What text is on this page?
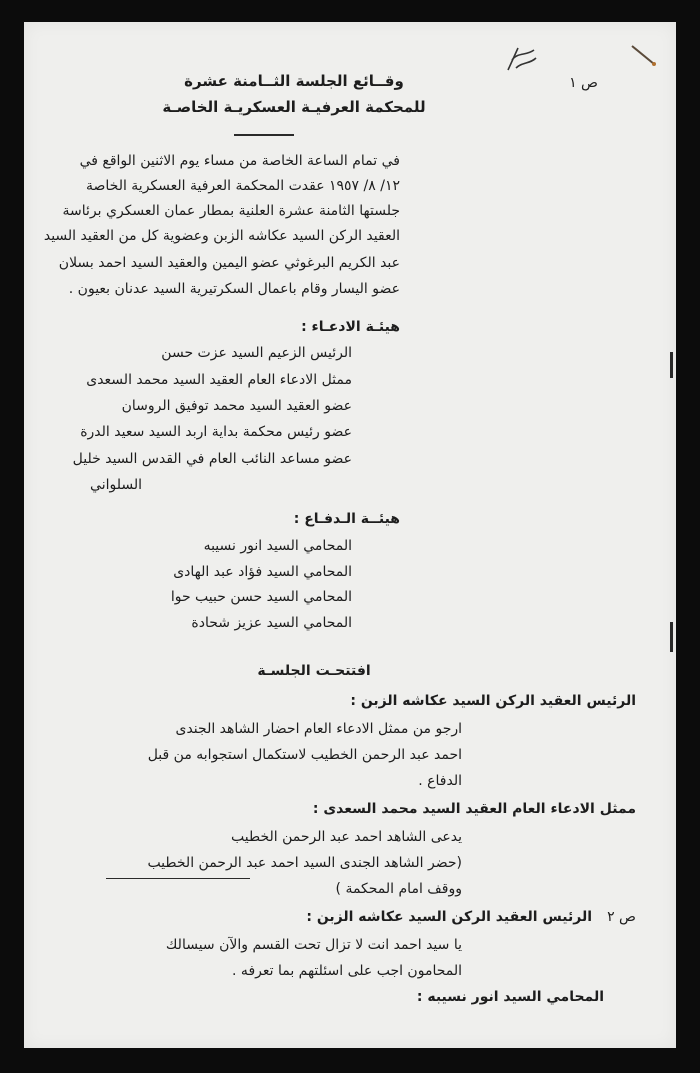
ص ١
وقــائع الجلسة الثــامنة عشرة
للمحكمة العرفيـة العسكريـة الخاصـة
في تمام الساعة الخاصة من مساء يوم الاثنين الواقع في
١٢/ ٨/ ١٩٥٧ عقدت المحكمة العرفية العسكرية الخاصة
جلستها الثامنة عشرة العلنية بمطار عمان العسكري برئاسة
العقيد الركن السيد عكاشه الزبن وعضوية كل من العقيد السيد
عبد الكريم البرغوثي عضو اليمين والعقيد السيد احمد بسلان
عضو اليسار وقام باعمال السكرتيرية السيد عدنان بعيون .
هيئـة الادعـاء :
الرئيس الزعيم السيد عزت حسن
ممثل الادعاء العام العقيد السيد محمد السعدى
عضو العقيد السيد محمد توفيق الروسان
عضو رئيس محكمة بداية اربد السيد سعيد الدرة
عضو مساعد النائب العام في القدس السيد خليل
السلواني
هيئــة الـدفـاع :
المحامي السيد انور نسيبه
المحامي السيد فؤاد عبد الهادى
المحامي السيد حسن حبيب حوا
المحامي السيد عزيز شحادة
افتتحـت الجلسـة
الرئيس العقيد الركن السيد عكاشه الزبن :
ارجو من ممثل الادعاء العام احضار الشاهد الجندى
احمد عبد الرحمن الخطيب لاستكمال استجوابه من قبل
الدفاع .
ممثل الادعاء العام العقيد السيد محمد السعدى :
يدعى الشاهد احمد عبد الرحمن الخطيب
(حضر الشاهد الجندى السيد احمد عبد الرحمن الخطيب
ووقف امام المحكمة )
ص ٢
الرئيس العقيد الركن السيد عكاشه الزبن :
يا سيد احمد انت لا تزال تحت القسم والآن سيسالك
المحامون اجب على اسئلتهم بما تعرفه .
المحامي السيد انور نسيبه :
